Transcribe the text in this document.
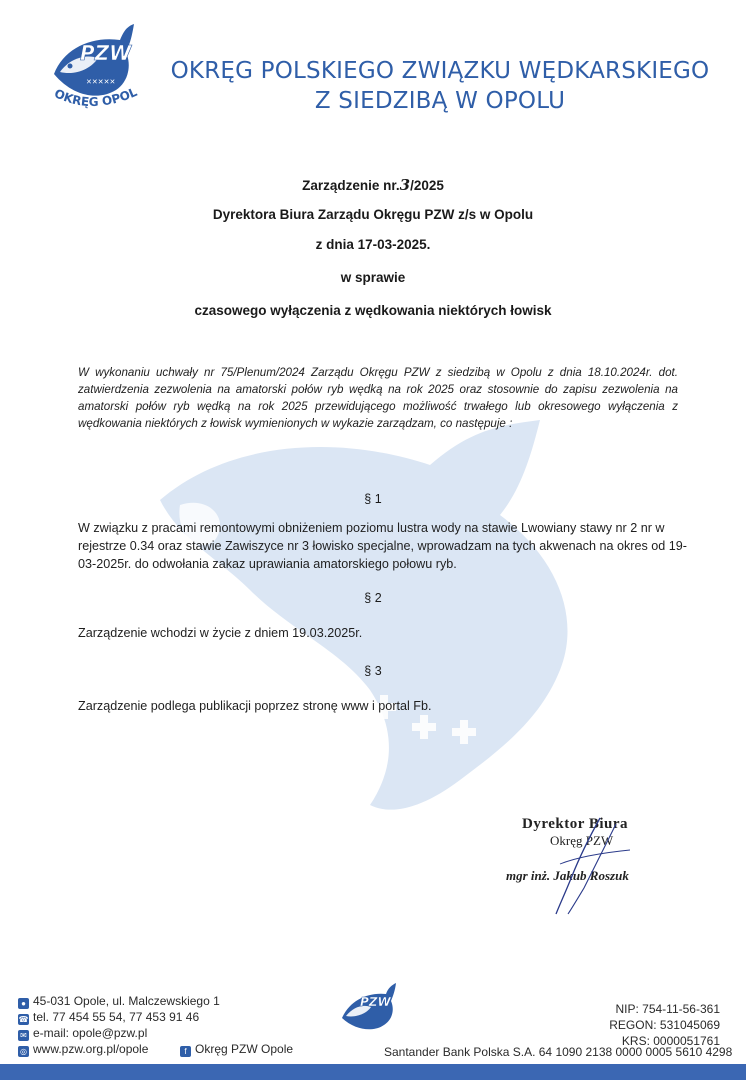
PZW
✕✕✕✕✕
OKRĘG OPOL
OKRĘG POLSKIEGO ZWIĄZKU WĘDKARSKIEGO
Z SIEDZIBĄ W OPOLU
Zarządzenie nr.3/2025
Dyrektora Biura Zarządu Okręgu PZW z/s w Opolu
z dnia 17-03-2025.
w sprawie
czasowego wyłączenia z wędkowania niektórych łowisk
W wykonaniu uchwały nr 75/Plenum/2024 Zarządu Okręgu PZW z siedzibą w Opolu z dnia 18.10.2024r. dot. zatwierdzenia zezwolenia na amatorski połów ryb wędką na rok 2025 oraz stosownie do zapisu zezwolenia na amatorski połów ryb wędką na rok 2025 przewidującego możliwość trwałego lub okresowego wyłączenia z wędkowania niektórych z łowisk wymienionych w wykazie zarządzam, co następuje :
§ 1
W związku z pracami remontowymi obniżeniem poziomu lustra wody na stawie Lwowiany stawy nr 2 nr w rejestrze 0.34 oraz stawie Zawiszyce nr 3 łowisko specjalne, wprowadzam na tych akwenach na okres od 19-03-2025r. do odwołania zakaz uprawiania amatorskiego połowu ryb.
§ 2
Zarządzenie wchodzi w życie z dniem 19.03.2025r.
§ 3
Zarządzenie podlega publikacji poprzez stronę www i portal Fb.
Dyrektor Biura
Okręg PZW
mgr inż. Jakub Roszuk
● 45-031 Opole, ul. Malczewskiego 1
☎ tel. 77 454 55 54, 77 453 91 46
✉ e-mail: opole@pzw.pl
◎ www.pzw.org.pl/opole	f Okręg PZW Opole
PZW	NIP: 754-11-56-361
REGON: 531045069
KRS: 0000051761
Santander Bank Polska S.A. 64 1090 2138 0000 0005 5610 4298
